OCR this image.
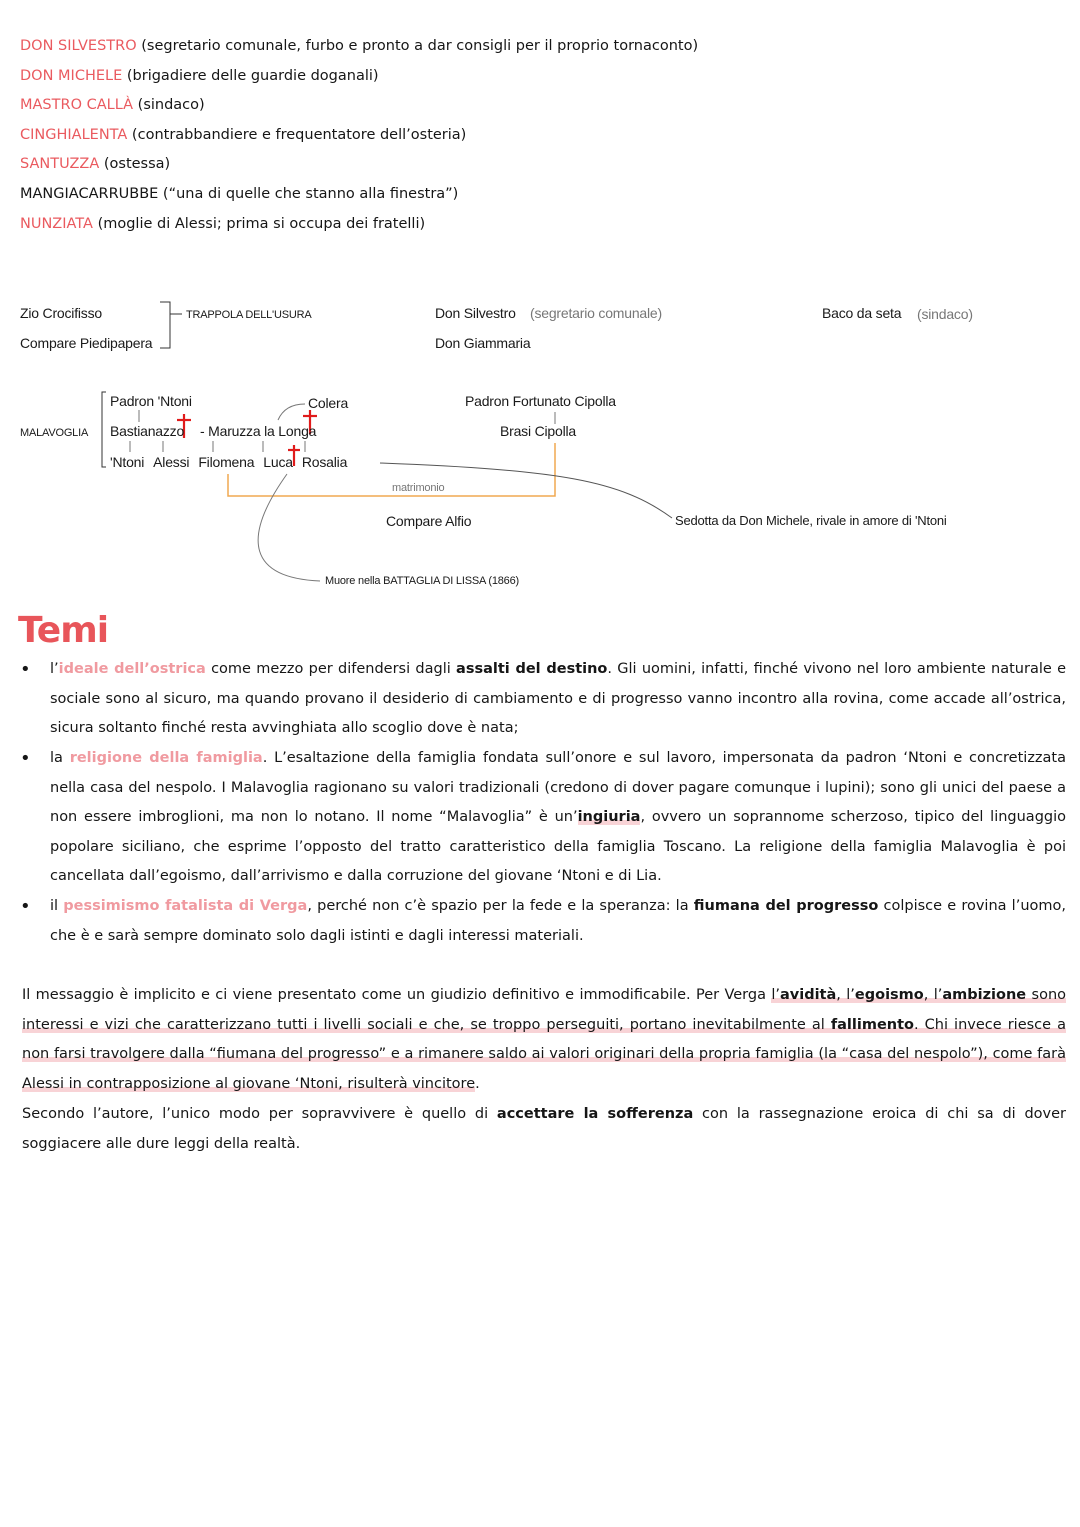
DON SILVESTRO (segretario comunale, furbo e pronto a dar consigli per il proprio tornaconto)
DON MICHELE (brigadiere delle guardie doganali)
MASTRO CALLÀ (sindaco)
CINGHIALENTA (contrabbandiere e frequentatore dell’osteria)
SANTUZZA (ostessa)
MANGIACARRUBBE (“una di quelle che stanno alla finestra”)
NUNZIATA (moglie di Alessi; prima si occupa dei fratelli)
Zio Crocifisso
Compare Piedipapera
TRAPPOLA DELL'USURA	Don Silvestro (segretario comunale)
Don Giammaria
Baco da seta (sindaco)
MALAVOGLIA
Padron 'Ntoni
Bastianazzo - Maruzza la Longa
Colera
'Ntoni Alessi Filomena Luca Rosalia
Padron Fortunato Cipolla
Brasi Cipolla
matrimonio
Compare Alfio	Sedotta da Don Michele, rivale in amore di 'Ntoni
Muore nella BATTAGLIA DI LISSA (1866)
Temi
• l’ideale dell’ostrica come mezzo per difendersi dagli assalti del destino. Gli uomini, infatti, finché vivono nel loro ambiente naturale e sociale sono al sicuro, ma quando provano il desiderio di cambiamento e di progresso vanno incontro alla rovina, come accade all’ostrica, sicura soltanto finché resta avvinghiata allo scoglio dove è nata;
• la religione della famiglia. L’esaltazione della famiglia fondata sull’onore e sul lavoro, impersonata da padron ‘Ntoni e concretizzata nella casa del nespolo. I Malavoglia ragionano su valori tradizionali (credono di dover pagare comunque i lupini); sono gli unici del paese a non essere imbroglioni, ma non lo notano. Il nome “Malavoglia” è un’ingiuria, ovvero un soprannome scherzoso, tipico del linguaggio popolare siciliano, che esprime l’opposto del tratto caratteristico della famiglia Toscano. La religione della famiglia Malavoglia è poi cancellata dall’egoismo, dall’arrivismo e dalla corruzione del giovane ‘Ntoni e di Lia.
• il pessimismo fatalista di Verga, perché non c’è spazio per la fede e la speranza: la fiumana del progresso colpisce e rovina l’uomo, che è e sarà sempre dominato solo dagli istinti e dagli interessi materiali.
Il messaggio è implicito e ci viene presentato come un giudizio definitivo e immodificabile. Per Verga l’avidità, l’egoismo, l’ambizione sono interessi e vizi che caratterizzano tutti i livelli sociali e che, se troppo perseguiti, portano inevitabilmente al fallimento. Chi invece riesce a non farsi travolgere dalla “fiumana del progresso” e a rimanere saldo ai valori originari della propria famiglia (la “casa del nespolo”), come farà Alessi in contrapposizione al giovane ‘Ntoni, risulterà vincitore.
Secondo l’autore, l’unico modo per sopravvivere è quello di accettare la sofferenza con la rassegnazione eroica di chi sa di dover soggiacere alle dure leggi della realtà.
